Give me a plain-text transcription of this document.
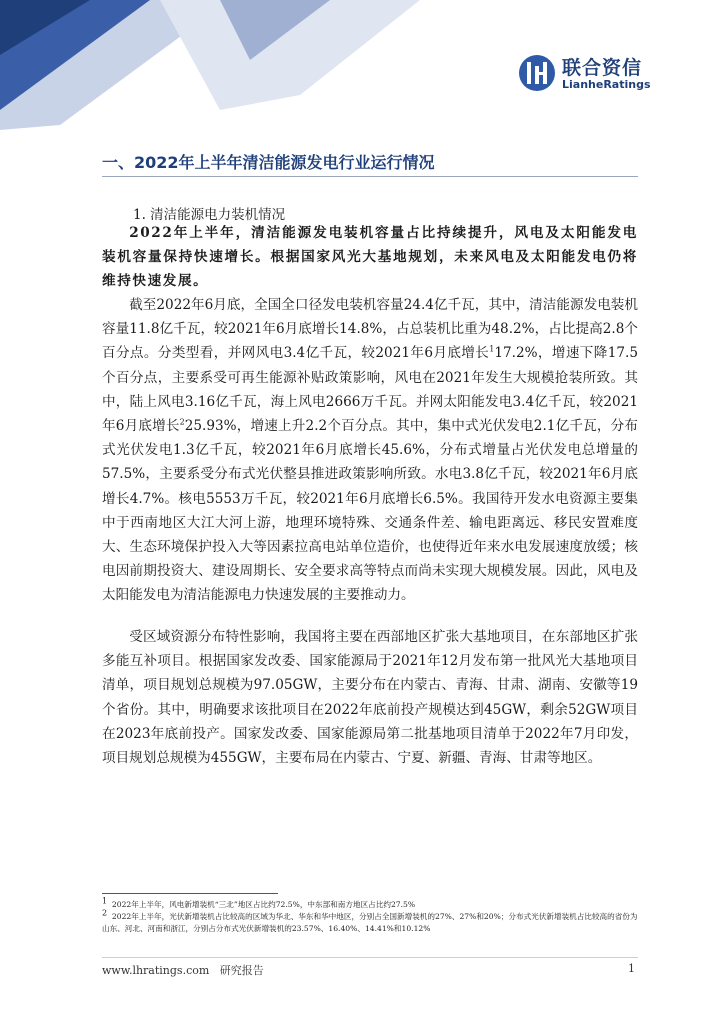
联合资信
LianheRatings
一、2022年上半年清洁能源发电行业运行情况
1. 清洁能源电力装机情况

2022年上半年，清洁能源发电装机容量占比持续提升，风电及太阳能发电装机容量保持快速增长。根据国家风光大基地规划，未来风电及太阳能发电仍将维持快速发展。

截至2022年6月底，全国全口径发电装机容量24.4亿千瓦，其中，清洁能源发电装机容量11.8亿千瓦，较2021年6月底增长14.8%，占总装机比重为48.2%，占比提高2.8个百分点。分类型看，并网风电3.4亿千瓦，较2021年6月底增长$^1$17.2%，增速下降17.5个百分点，主要系受可再生能源补贴政策影响，风电在2021年发生大规模抢装所致。其中，陆上风电3.16亿千瓦，海上风电2666万千瓦。并网太阳能发电3.4亿千瓦，较2021年6月底增长$^2$25.93%，增速上升2.2个百分点。其中，集中式光伏发电2.1亿千瓦，分布式光伏发电1.3亿千瓦，较2021年6月底增长45.6%，分布式增量占光伏发电总增量的57.5%，主要系受分布式光伏整县推进政策影响所致。水电3.8亿千瓦，较2021年6月底增长4.7%。核电5553万千瓦，较2021年6月底增长6.5%。我国待开发水电资源主要集中于西南地区大江大河上游，地理环境特殊、交通条件差、输电距离远、移民安置难度大、生态环境保护投入大等因素拉高电站单位造价，也使得近年来水电发展速度放缓；核电因前期投资大、建设周期长、安全要求高等特点而尚未实现大规模发展。因此，风电及太阳能发电为清洁能源电力快速发展的主要推动力。

受区域资源分布特性影响，我国将主要在西部地区扩张大基地项目，在东部地区扩张多能互补项目。根据国家发改委、国家能源局于2021年12月发布第一批风光大基地项目清单，项目规划总规模为97.05GW，主要分布在内蒙古、青海、甘肃、湖南、安徽等19个省份。其中，明确要求该批项目在2022年底前投产规模达到45GW，剩余52GW项目在2023年底前投产。国家发改委、国家能源局第二批基地项目清单于2022年7月印发，项目规划总规模为455GW，主要布局在内蒙古、宁夏、新疆、青海、甘肃等地区。

$^1$ 2022年上半年，风电新增装机“三北”地区占比约72.5%，中东部和南方地区占比约27.5%

$^2$ 2022年上半年，光伏新增装机占比较高的区域为华北、华东和华中地区，分别占全国新增装机的27%、27%和20%；分布式光伏新增装机占比较高的省份为山东、河北、河南和浙江，分别占分布式光伏新增装机的23.57%、16.40%、14.41%和10.12%

www.lhratings.com 研究报告	1
